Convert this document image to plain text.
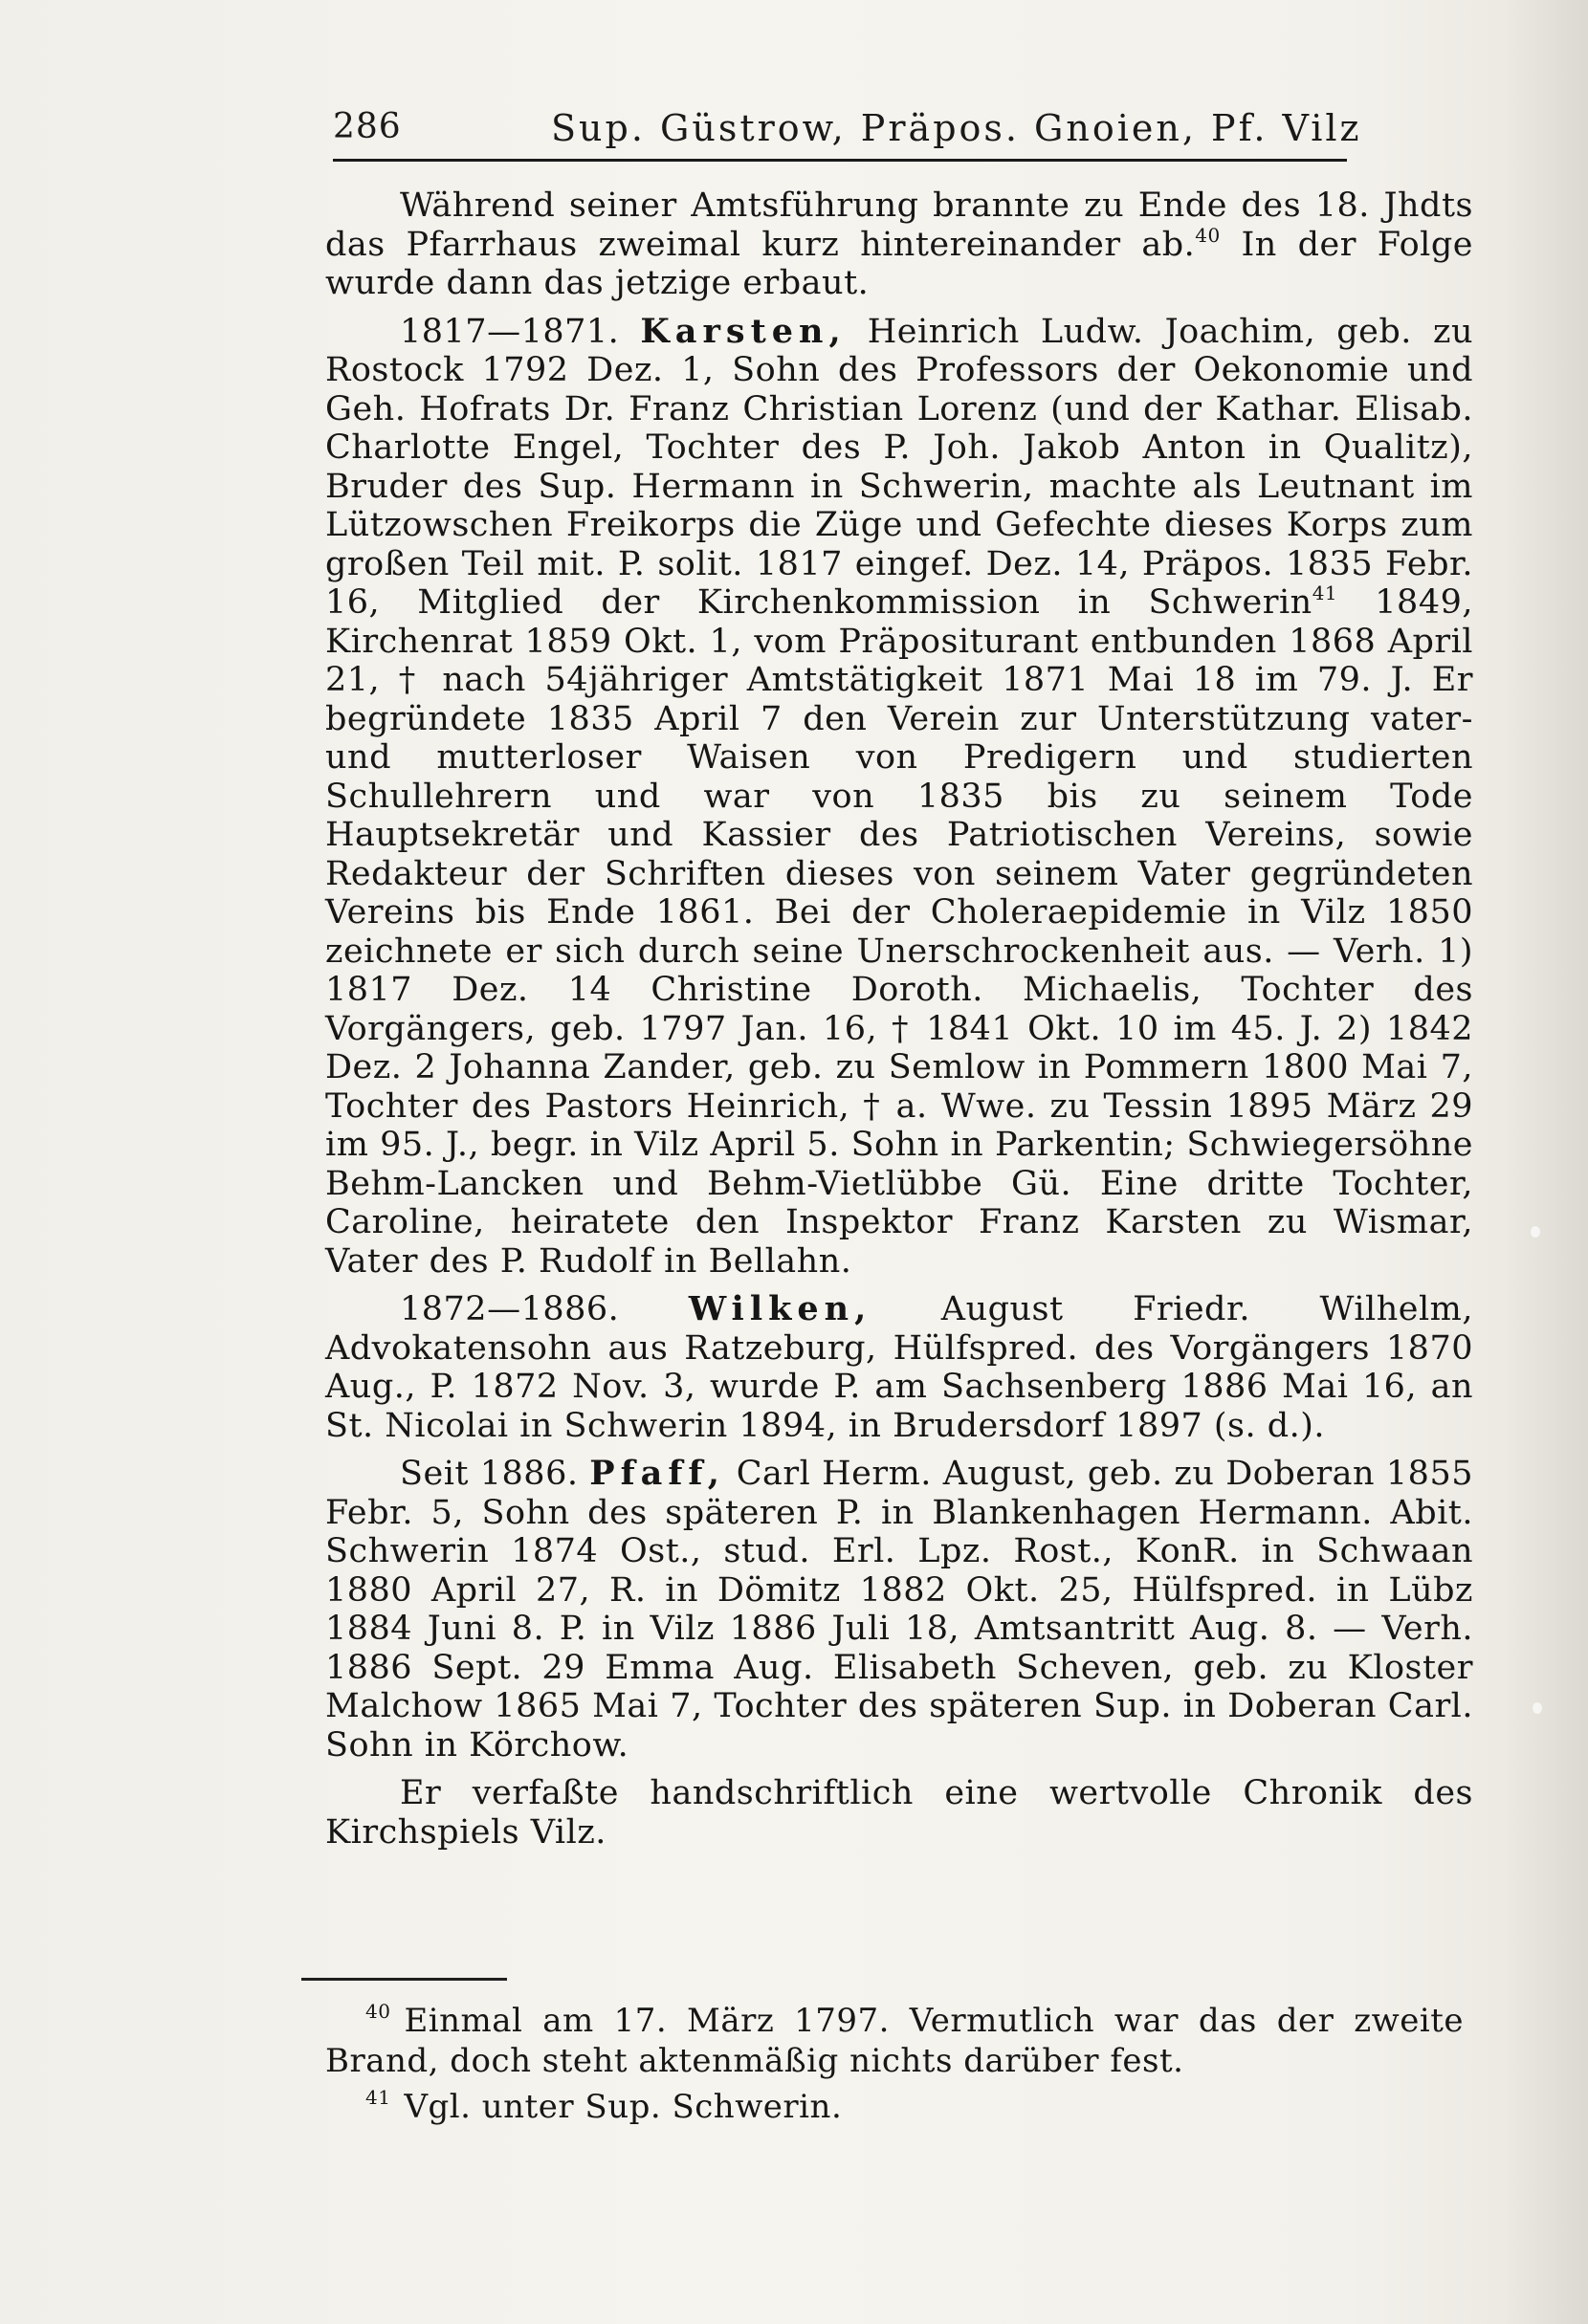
286	Sup. Güstrow, Präpos. Gnoien, Pf. Vilz

Während seiner Amtsführung brannte zu Ende des 18. Jhdts das Pfarrhaus zweimal kurz hintereinander ab.$^{40}$ In der Folge wurde dann das jetzige erbaut.

1817—1871. Karsten, Heinrich Ludw. Joachim, geb. zu Rostock 1792 Dez. 1, Sohn des Professors der Oekonomie und Geh. Hofrats Dr. Franz Christian Lorenz (und der Kathar. Elisab. Charlotte Engel, Tochter des P. Joh. Jakob Anton in Qualitz), Bruder des Sup. Hermann in Schwerin, machte als Leutnant im Lützowschen Freikorps die Züge und Gefechte dieses Korps zum großen Teil mit. P. solit. 1817 eingef. Dez. 14, Präpos. 1835 Febr. 16, Mitglied der Kirchenkommission in Schwerin$^{41}$ 1849, Kirchenrat 1859 Okt. 1, vom Präpositurant entbunden 1868 April 21, † nach 54jähriger Amtstätigkeit 1871 Mai 18 im 79. J. Er begründete 1835 April 7 den Verein zur Unterstützung vater- und mutterloser Waisen von Predigern und studierten Schullehrern und war von 1835 bis zu seinem Tode Hauptsekretär und Kassier des Patriotischen Vereins, sowie Redakteur der Schriften dieses von seinem Vater gegründeten Vereins bis Ende 1861. Bei der Choleraepidemie in Vilz 1850 zeichnete er sich durch seine Unerschrockenheit aus. — Verh. 1) 1817 Dez. 14 Christine Doroth. Michaelis, Tochter des Vorgängers, geb. 1797 Jan. 16, † 1841 Okt. 10 im 45. J. 2) 1842 Dez. 2 Johanna Zander, geb. zu Semlow in Pommern 1800 Mai 7, Tochter des Pastors Heinrich, † a. Wwe. zu Tessin 1895 März 29 im 95. J., begr. in Vilz April 5. Sohn in Parkentin; Schwiegersöhne Behm-Lancken und Behm-Vietlübbe Gü. Eine dritte Tochter, Caroline, heiratete den Inspektor Franz Karsten zu Wismar, Vater des P. Rudolf in Bellahn.

1872—1886. Wilken, August Friedr. Wilhelm, Advokatensohn aus Ratzeburg, Hülfspred. des Vorgängers 1870 Aug., P. 1872 Nov. 3, wurde P. am Sachsenberg 1886 Mai 16, an St. Nicolai in Schwerin 1894, in Brudersdorf 1897 (s. d.).

Seit 1886. Pfaff, Carl Herm. August, geb. zu Doberan 1855 Febr. 5, Sohn des späteren P. in Blankenhagen Hermann. Abit. Schwerin 1874 Ost., stud. Erl. Lpz. Rost., KonR. in Schwaan 1880 April 27, R. in Dömitz 1882 Okt. 25, Hülfspred. in Lübz 1884 Juni 8. P. in Vilz 1886 Juli 18, Amtsantritt Aug. 8. — Verh. 1886 Sept. 29 Emma Aug. Elisabeth Scheven, geb. zu Kloster Malchow 1865 Mai 7, Tochter des späteren Sup. in Doberan Carl. Sohn in Körchow.

Er verfaßte handschriftlich eine wertvolle Chronik des Kirchspiels Vilz.

$^{40}$ Einmal am 17. März 1797. Vermutlich war das der zweite Brand, doch steht aktenmäßig nichts darüber fest.

$^{41}$ Vgl. unter Sup. Schwerin.
